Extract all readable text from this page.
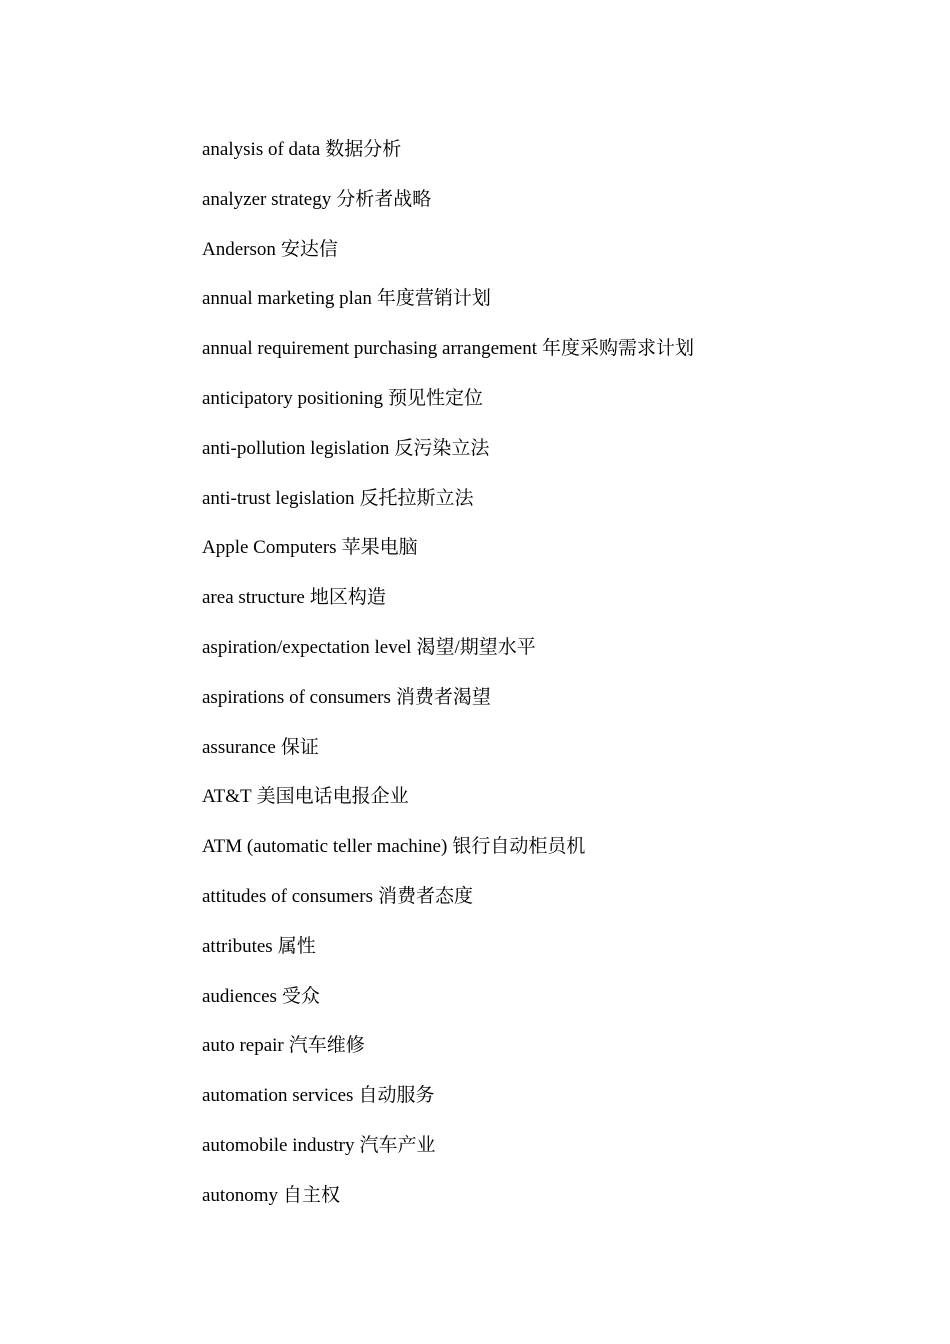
analysis of data 数据分析
analyzer strategy 分析者战略
Anderson 安达信
annual marketing plan 年度营销计划
annual requirement purchasing arrangement 年度采购需求计划
anticipatory positioning 预见性定位
anti-pollution legislation 反污染立法
anti-trust legislation 反托拉斯立法
Apple Computers 苹果电脑
area structure 地区构造
aspiration/expectation level 渴望/期望水平
aspirations of consumers 消费者渴望
assurance 保证
AT&T 美国电话电报企业
ATM (automatic teller machine) 银行自动柜员机
attitudes of consumers 消费者态度
attributes 属性
audiences 受众
auto repair 汽车维修
automation services 自动服务
automobile industry 汽车产业
autonomy 自主权
